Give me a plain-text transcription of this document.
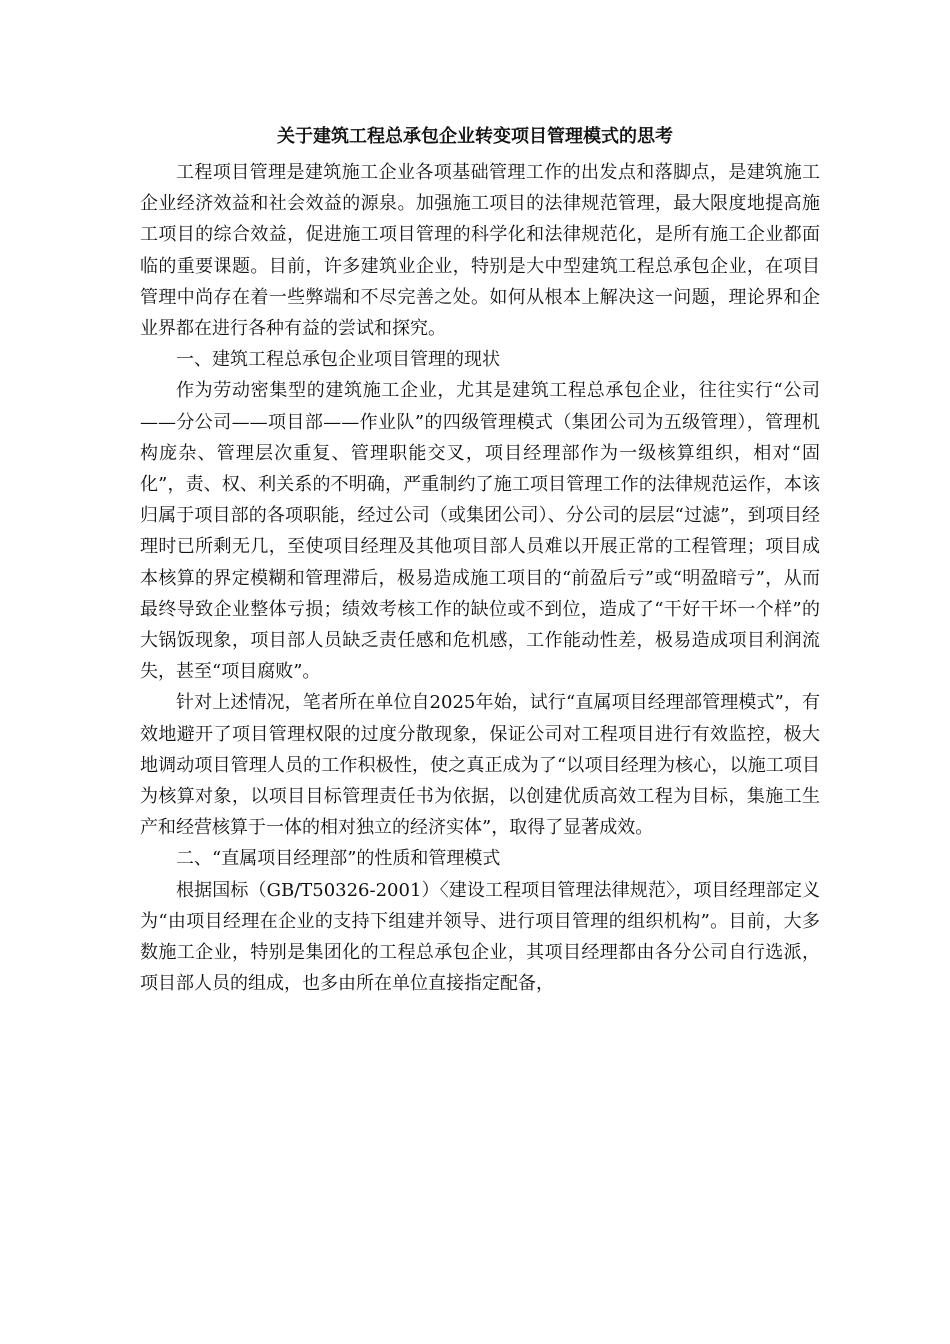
关于建筑工程总承包企业转变项目管理模式的思考

工程项目管理是建筑施工企业各项基础管理工作的出发点和落脚点，是建筑施工企业经济效益和社会效益的源泉。加强施工项目的法律规范管理，最大限度地提高施工项目的综合效益，促进施工项目管理的科学化和法律规范化，是所有施工企业都面临的重要课题。目前，许多建筑业企业，特别是大中型建筑工程总承包企业，在项目管理中尚存在着一些弊端和不尽完善之处。如何从根本上解决这一问题，理论界和企业界都在进行各种有益的尝试和探究。

一、建筑工程总承包企业项目管理的现状

作为劳动密集型的建筑施工企业，尤其是建筑工程总承包企业，往往实行“公司——分公司——项目部——作业队”的四级管理模式（集团公司为五级管理），管理机构庞杂、管理层次重复、管理职能交叉，项目经理部作为一级核算组织，相对“固化”，责、权、利关系的不明确，严重制约了施工项目管理工作的法律规范运作，本该归属于项目部的各项职能，经过公司（或集团公司）、分公司的层层“过滤”，到项目经理时已所剩无几，至使项目经理及其他项目部人员难以开展正常的工程管理；项目成本核算的界定模糊和管理滞后，极易造成施工项目的“前盈后亏”或“明盈暗亏”，从而最终导致企业整体亏损；绩效考核工作的缺位或不到位，造成了“干好干坏一个样”的大锅饭现象，项目部人员缺乏责任感和危机感，工作能动性差，极易造成项目利润流失，甚至“项目腐败”。

针对上述情况，笔者所在单位自2025年始，试行“直属项目经理部管理模式”，有效地避开了项目管理权限的过度分散现象，保证公司对工程项目进行有效监控，极大地调动项目管理人员的工作积极性，使之真正成为了“以项目经理为核心，以施工项目为核算对象，以项目目标管理责任书为依据，以创建优质高效工程为目标，集施工生产和经营核算于一体的相对独立的经济实体”，取得了显著成效。

二、“直属项目经理部”的性质和管理模式

根据国标（GB/T50326-2001）〈建设工程项目管理法律规范〉，项目经理部定义为“由项目经理在企业的支持下组建并领导、进行项目管理的组织机构”。目前，大多数施工企业，特别是集团化的工程总承包企业，其项目经理都由各分公司自行选派，项目部人员的组成，也多由所在单位直接指定配备，
